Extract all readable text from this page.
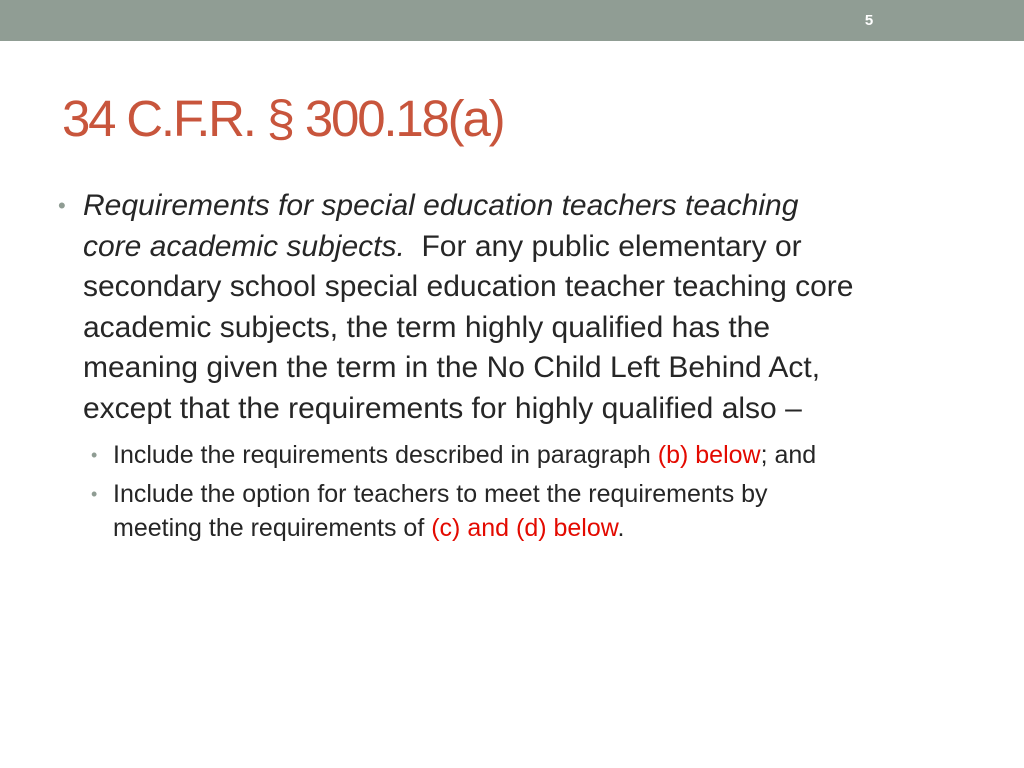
5
34 C.F.R. § 300.18(a)
• Requirements for special education teachers teaching
core academic subjects.  For any public elementary or
secondary school special education teacher teaching core
academic subjects, the term highly qualified has the
meaning given the term in the No Child Left Behind Act,
except that the requirements for highly qualified also –
• Include the requirements described in paragraph (b) below; and
• Include the option for teachers to meet the requirements by
meeting the requirements of (c) and (d) below.
